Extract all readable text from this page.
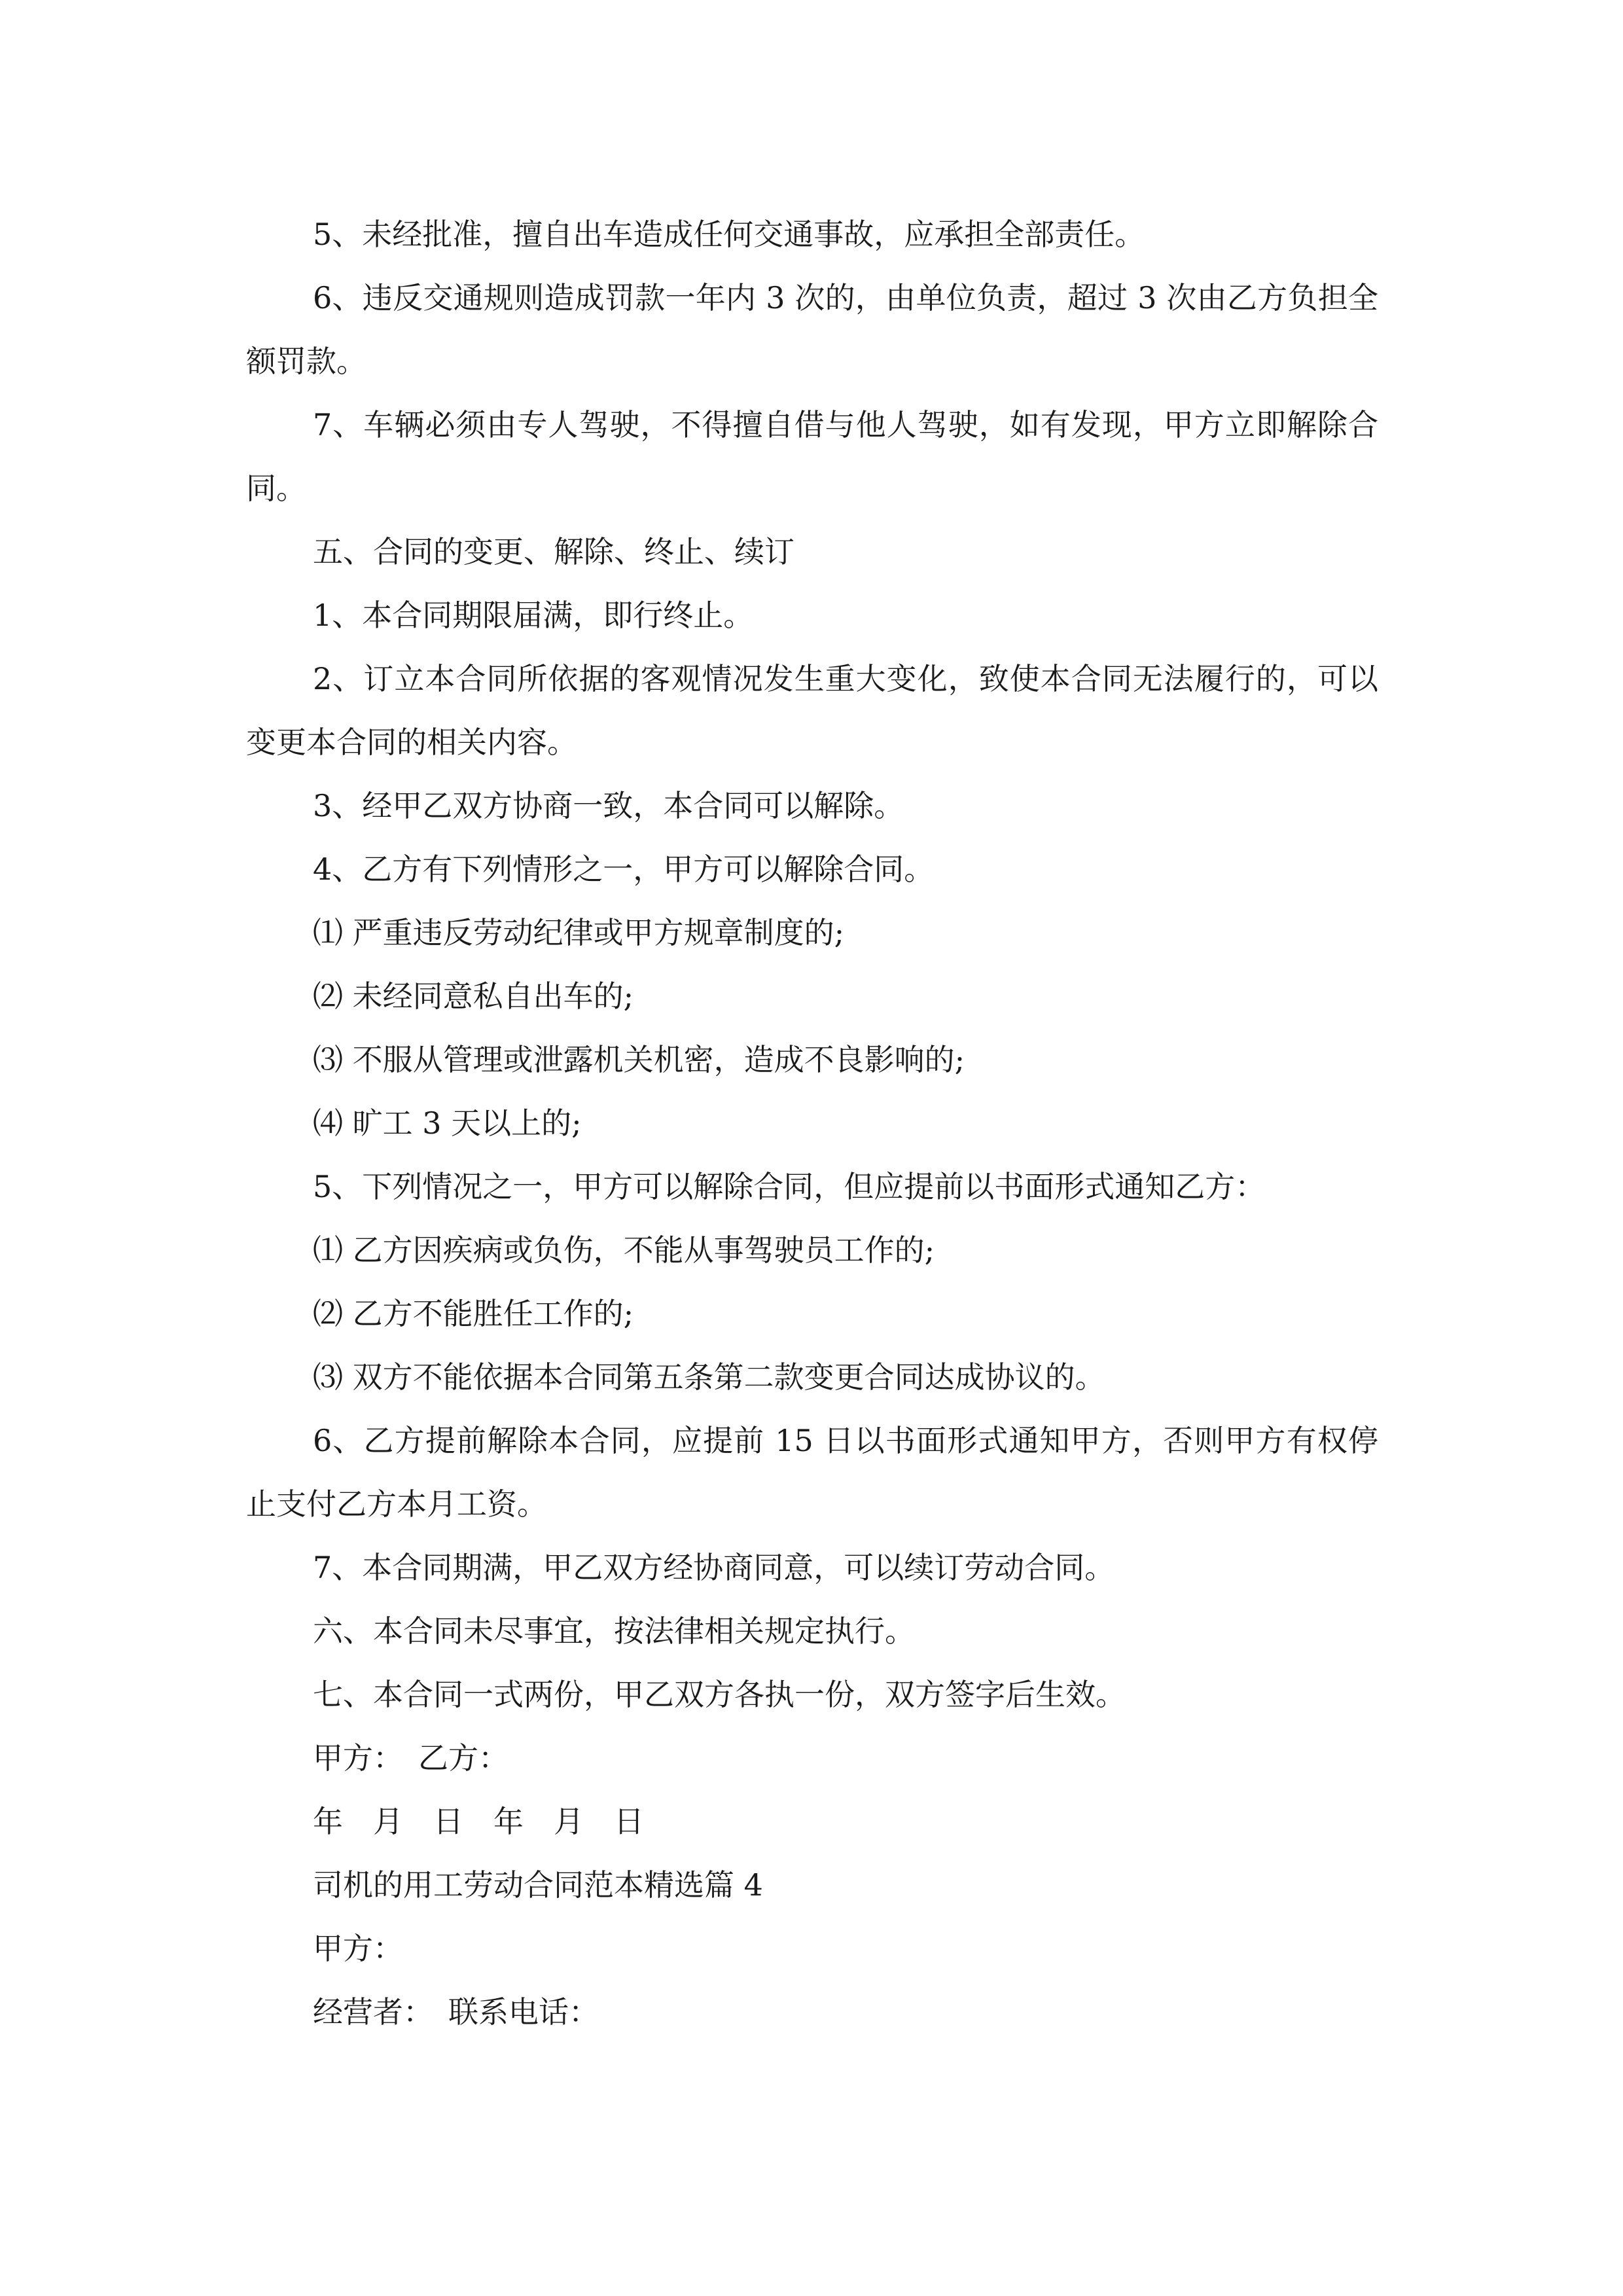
5、未经批准，擅自出车造成任何交通事故，应承担全部责任。

6、违反交通规则造成罚款一年内 3 次的，由单位负责，超过 3 次由乙方负担全额罚款。

7、车辆必须由专人驾驶，不得擅自借与他人驾驶，如有发现，甲方立即解除合同。

五、合同的变更、解除、终止、续订

1、本合同期限届满，即行终止。

2、订立本合同所依据的客观情况发生重大变化，致使本合同无法履行的，可以变更本合同的相关内容。

3、经甲乙双方协商一致，本合同可以解除。

4、乙方有下列情形之一，甲方可以解除合同。

⑴ 严重违反劳动纪律或甲方规章制度的;

⑵ 未经同意私自出车的;

⑶ 不服从管理或泄露机关机密，造成不良影响的;

⑷ 旷工 3 天以上的;

5、下列情况之一，甲方可以解除合同，但应提前以书面形式通知乙方：

⑴ 乙方因疾病或负伤，不能从事驾驶员工作的;

⑵ 乙方不能胜任工作的;

⑶ 双方不能依据本合同第五条第二款变更合同达成协议的。

6、乙方提前解除本合同，应提前 15 日以书面形式通知甲方，否则甲方有权停止支付乙方本月工资。

7、本合同期满，甲乙双方经协商同意，可以续订劳动合同。

六、本合同未尽事宜，按法律相关规定执行。

七、本合同一式两份，甲乙双方各执一份，双方签字后生效。

甲方：　乙方：

年　月　日　年　月　日

司机的用工劳动合同范本精选篇 4

甲方：

经营者：　联系电话：
